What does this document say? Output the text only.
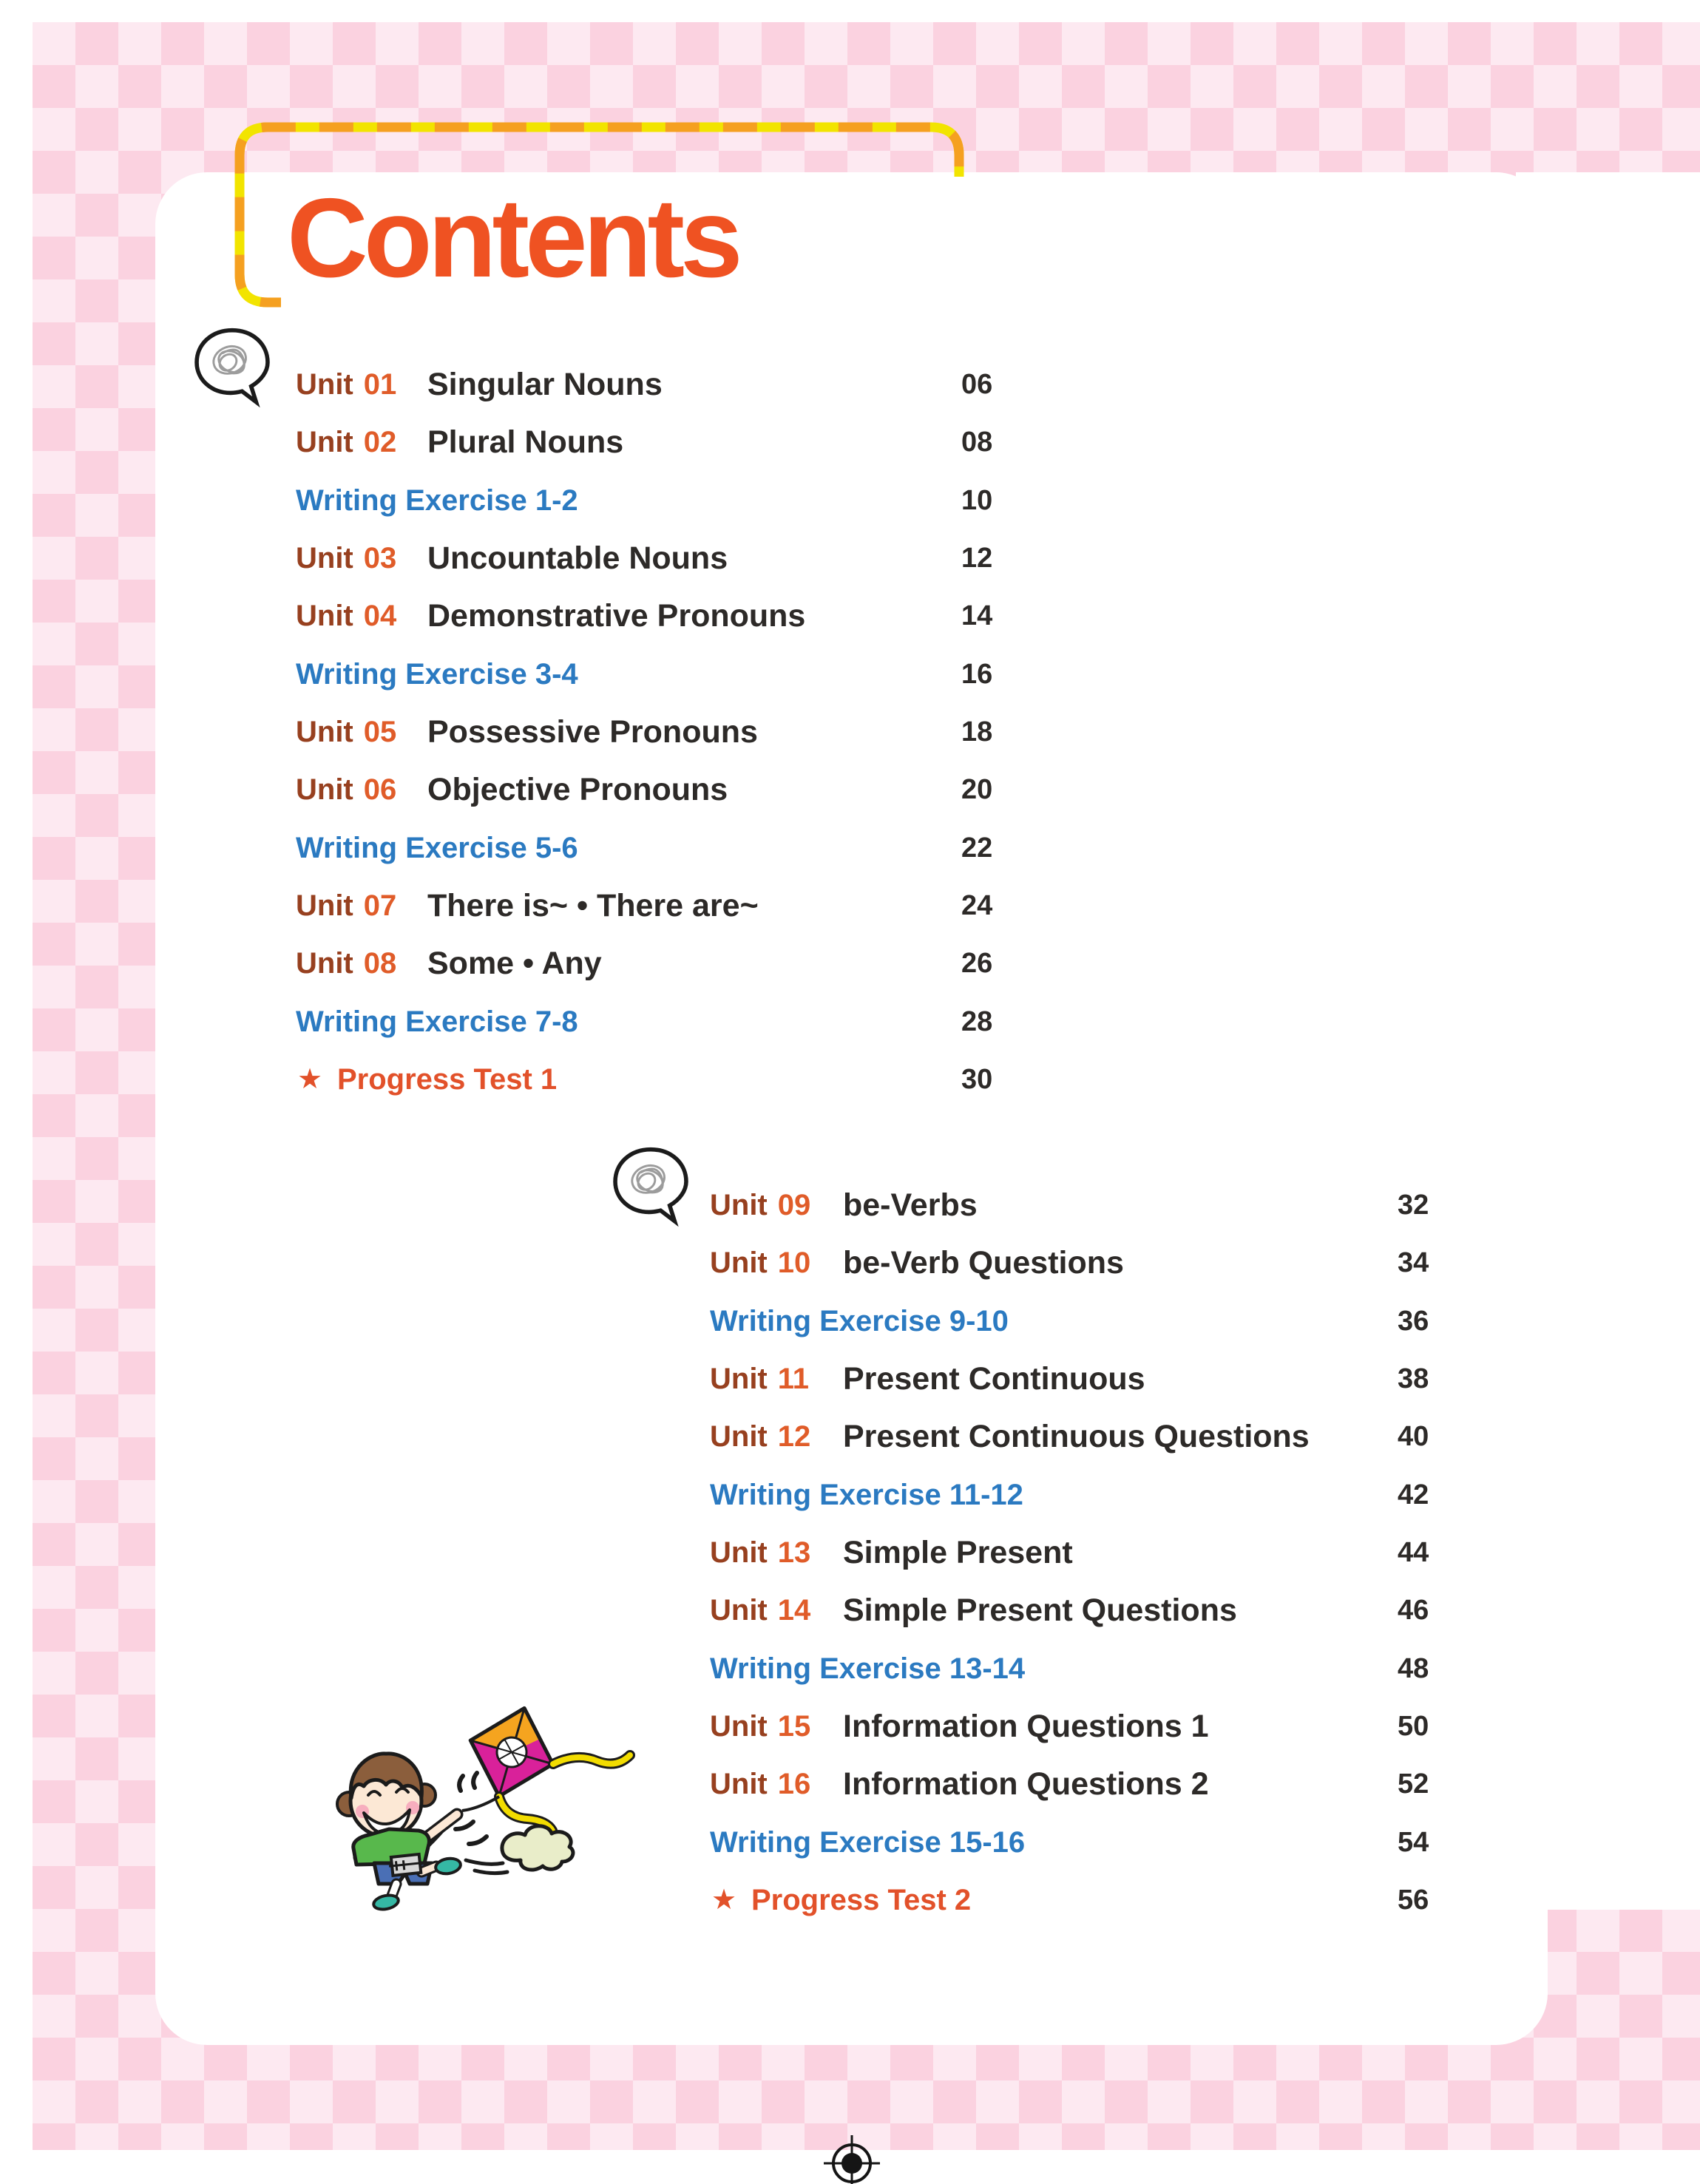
Contents
Unit 01 Singular Nouns	06
Unit 02 Plural Nouns	08
Writing Exercise 1-2	10
Unit 03 Uncountable Nouns	12
Unit 04 Demonstrative Pronouns	14
Writing Exercise 3-4	16
Unit 05 Possessive Pronouns	18
Unit 06 Objective Pronouns	20
Writing Exercise 5-6	22
Unit 07 There is~ • There are~	24
Unit 08 Some • Any	26
Writing Exercise 7-8	28
★ Progress Test 1	30
Unit 09 be-Verbs	32
Unit 10 be-Verb Questions	34
Writing Exercise 9-10	36
Unit 11 Present Continuous	38
Unit 12 Present Continuous Questions	40
Writing Exercise 11-12	42
Unit 13 Simple Present	44
Unit 14 Simple Present Questions	46
Writing Exercise 13-14	48
Unit 15 Information Questions 1	50
Unit 16 Information Questions 2	52
Writing Exercise 15-16	54
★ Progress Test 2	56
